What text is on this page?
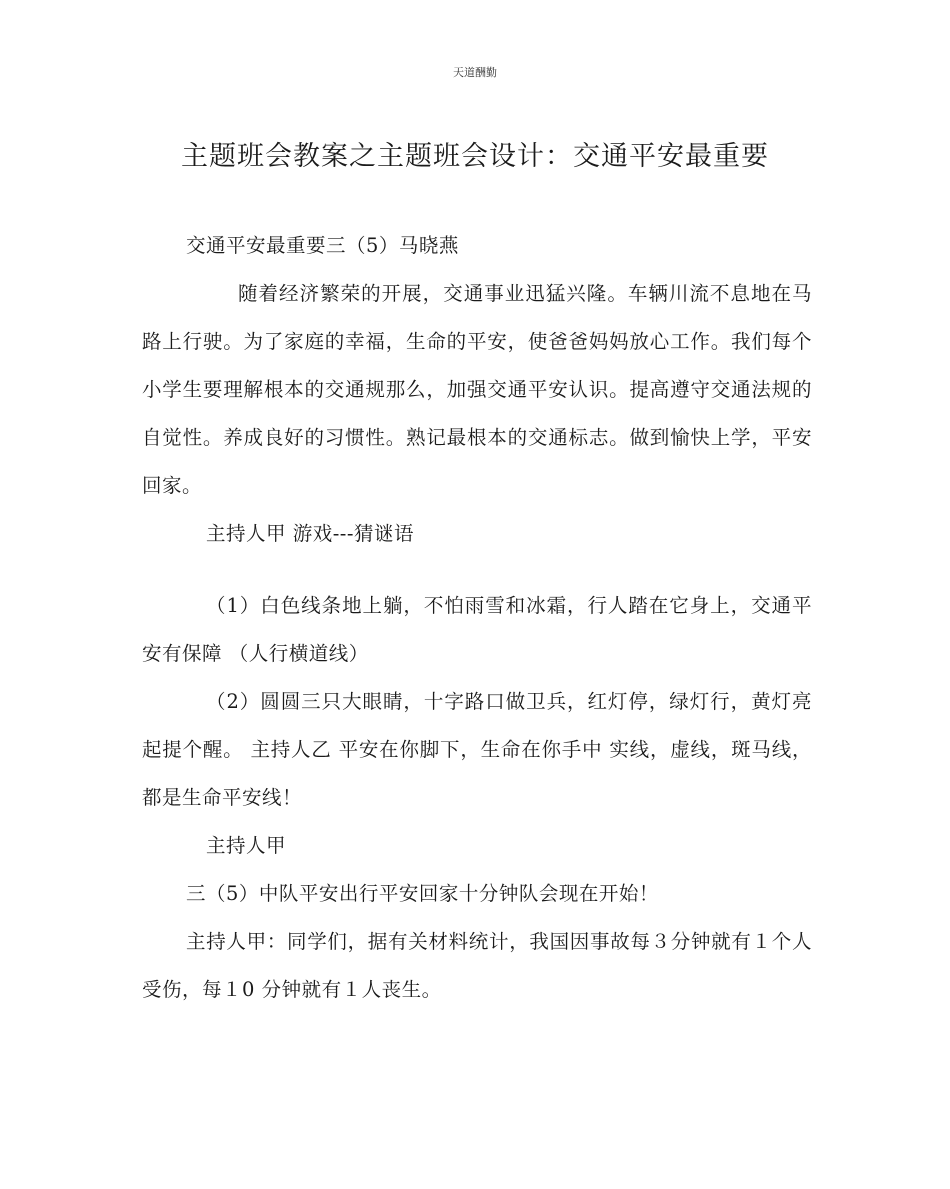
天道酬勤
主题班会教案之主题班会设计：交通平安最重要

交通平安最重要三（5）马晓燕

随着经济繁荣的开展，交通事业迅猛兴隆。车辆川流不息地在马路上行驶。为了家庭的幸福，生命的平安，使爸爸妈妈放心工作。我们每个小学生要理解根本的交通规那么，加强交通平安认识。提高遵守交通法规的自觉性。养成良好的习惯性。熟记最根本的交通标志。做到愉快上学，平安回家。

主持人甲 游戏---猜谜语

（1）白色线条地上躺，不怕雨雪和冰霜，行人踏在它身上，交通平安有保障 （人行横道线）

（2）圆圆三只大眼睛，十字路口做卫兵，红灯停，绿灯行，黄灯亮起提个醒。 主持人乙 平安在你脚下，生命在你手中 实线，虚线，斑马线，都是生命平安线！

主持人甲

三（5）中队平安出行平安回家十分钟队会现在开始！

主持人甲：同学们，据有关材料统计，我国因事故每３分钟就有１个人受伤，每１0 分钟就有１人丧生。
